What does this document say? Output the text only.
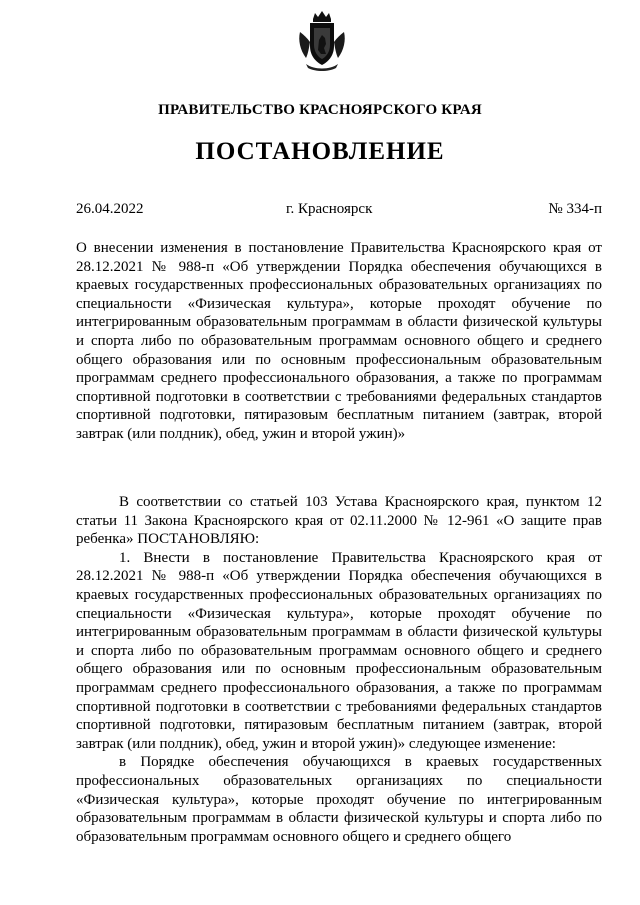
ПРАВИТЕЛЬСТВО КРАСНОЯРСКОГО КРАЯ
ПОСТАНОВЛЕНИЕ
26.04.2022	г. Красноярск	№ 334-п

О внесении изменения в постановление Правительства Красноярского края от 28.12.2021 № 988-п «Об утверждении Порядка обеспечения обучающихся в краевых государственных профессиональных образовательных организациях по специальности «Физическая культура», которые проходят обучение по интегрированным образовательным программам в области физической культуры и спорта либо по образовательным программам основного общего и среднего общего образования или по основным профессиональным образовательным программам среднего профессионального образования, а также по программам спортивной подготовки в соответствии с требованиями федеральных стандартов спортивной подготовки, пятиразовым бесплатным питанием (завтрак, второй завтрак (или полдник), обед, ужин и второй ужин)»

В соответствии со статьей 103 Устава Красноярского края, пунктом 12 статьи 11 Закона Красноярского края от 02.11.2000 № 12-961 «О защите прав ребенка» ПОСТАНОВЛЯЮ:

1. Внести в постановление Правительства Красноярского края от 28.12.2021 № 988-п «Об утверждении Порядка обеспечения обучающихся в краевых государственных профессиональных образовательных организациях по специальности «Физическая культура», которые проходят обучение по интегрированным образовательным программам в области физической культуры и спорта либо по образовательным программам основного общего и среднего общего образования или по основным профессиональным образовательным программам среднего профессионального образования, а также по программам спортивной подготовки в соответствии с требованиями федеральных стандартов спортивной подготовки, пятиразовым бесплатным питанием (завтрак, второй завтрак (или полдник), обед, ужин и второй ужин)» следующее изменение:

в Порядке обеспечения обучающихся в краевых государственных профессиональных образовательных организациях по специальности «Физическая культура», которые проходят обучение по интегрированным образовательным программам в области физической культуры и спорта либо по образовательным программам основного общего и среднего общего
